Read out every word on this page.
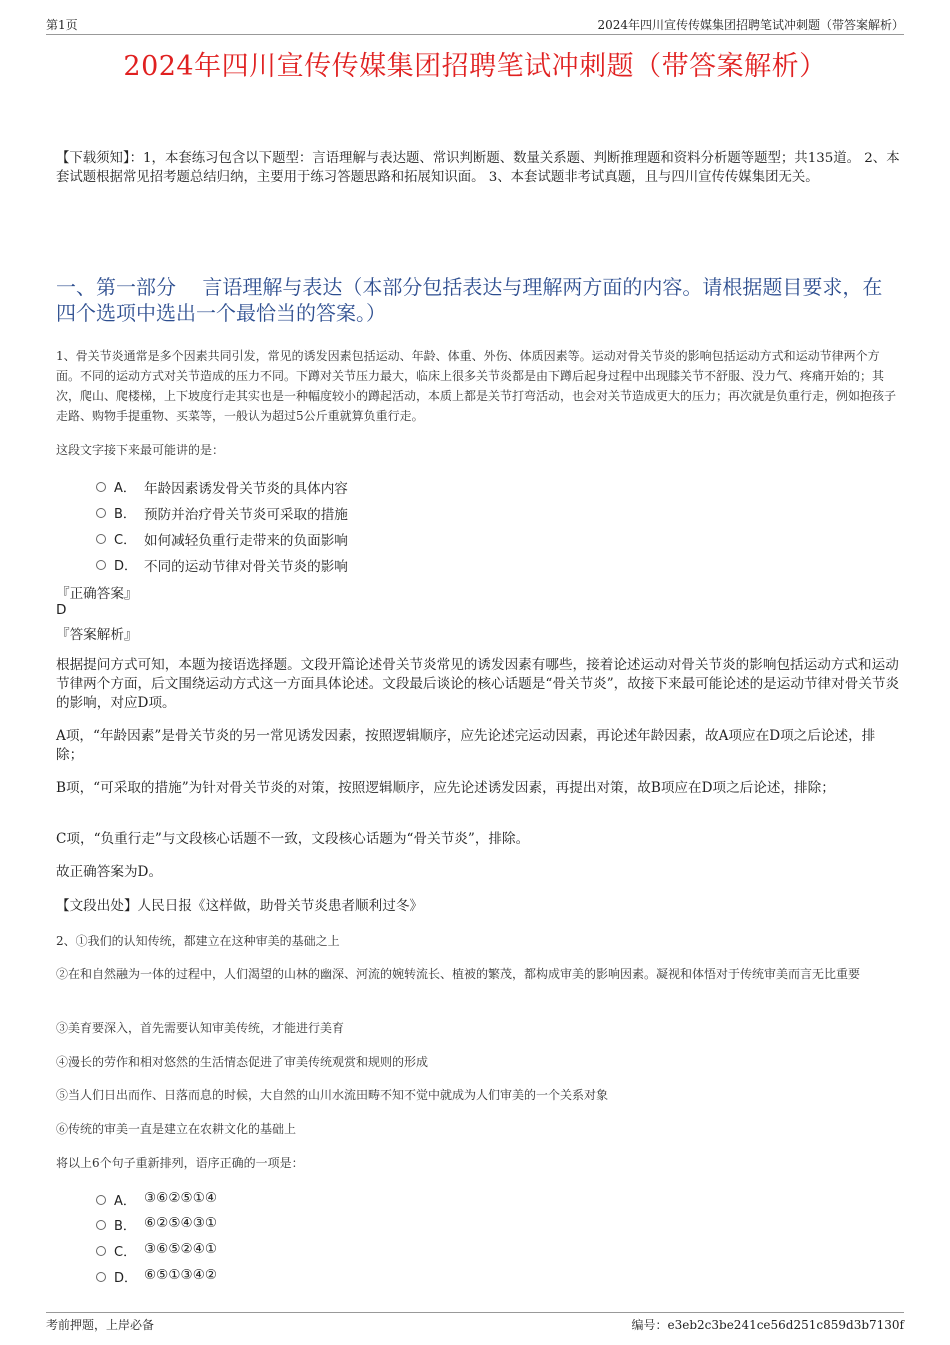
第1页	2024年四川宣传传媒集团招聘笔试冲刺题（带答案解析）
2024年四川宣传传媒集团招聘笔试冲刺题（带答案解析）
【下载须知】：1，本套练习包含以下题型：言语理解与表达题、常识判断题、数量关系题、判断推理题和资料分析题等题型；共135道。 2、本套试题根据常见招考题总结归纳，主要用于练习答题思路和拓展知识面。 3、本套试题非考试真题，且与四川宣传传媒集团无关。
一、第一部分　 言语理解与表达（本部分包括表达与理解两方面的内容。请根据题目要求，在四个选项中选出一个最恰当的答案。）
1、骨关节炎通常是多个因素共同引发，常见的诱发因素包括运动、年龄、体重、外伤、体质因素等。运动对骨关节炎的影响包括运动方式和运动节律两个方面。不同的运动方式对关节造成的压力不同。下蹲对关节压力最大，临床上很多关节炎都是由下蹲后起身过程中出现膝关节不舒服、没力气、疼痛开始的；其次，爬山、爬楼梯，上下坡度行走其实也是一种幅度较小的蹲起活动，本质上都是关节打弯活动，也会对关节造成更大的压力；再次就是负重行走，例如抱孩子走路、购物手提重物、买菜等，一般认为超过5公斤重就算负重行走。
这段文字接下来最可能讲的是：
A． 年龄因素诱发骨关节炎的具体内容
B． 预防并治疗骨关节炎可采取的措施
C． 如何减轻负重行走带来的负面影响
D． 不同的运动节律对骨关节炎的影响
『正确答案』
D
『答案解析』
根据提问方式可知，本题为接语选择题。文段开篇论述骨关节炎常见的诱发因素有哪些，接着论述运动对骨关节炎的影响包括运动方式和运动节律两个方面，后文围绕运动方式这一方面具体论述。文段最后谈论的核心话题是“骨关节炎”，故接下来最可能论述的是运动节律对骨关节炎的影响，对应D项。
A项，“年龄因素”是骨关节炎的另一常见诱发因素，按照逻辑顺序，应先论述完运动因素，再论述年龄因素，故A项应在D项之后论述，排除；
B项，“可采取的措施”为针对骨关节炎的对策，按照逻辑顺序，应先论述诱发因素，再提出对策，故B项应在D项之后论述，排除；
C项，“负重行走”与文段核心话题不一致，文段核心话题为“骨关节炎”，排除。
故正确答案为D。
【文段出处】人民日报《这样做，助骨关节炎患者顺利过冬》
2、①我们的认知传统，都建立在这种审美的基础之上
②在和自然融为一体的过程中，人们渴望的山林的幽深、河流的婉转流长、植被的繁茂，都构成审美的影响因素。凝视和体悟对于传统审美而言无比重要
③美育要深入，首先需要认知审美传统，才能进行美育
④漫长的劳作和相对悠然的生活情态促进了审美传统观赏和规则的形成
⑤当人们日出而作、日落而息的时候，大自然的山川水流田畴不知不觉中就成为人们审美的一个关系对象
⑥传统的审美一直是建立在农耕文化的基础上
将以上6个句子重新排列，语序正确的一项是：
A． ③⑥②⑤①④
B． ⑥②⑤④③①
C． ③⑥⑤②④①
D． ⑥⑤①③④②
考前押题，上岸必备	编号：e3eb2c3be241ce56d251c859d3b7130f
